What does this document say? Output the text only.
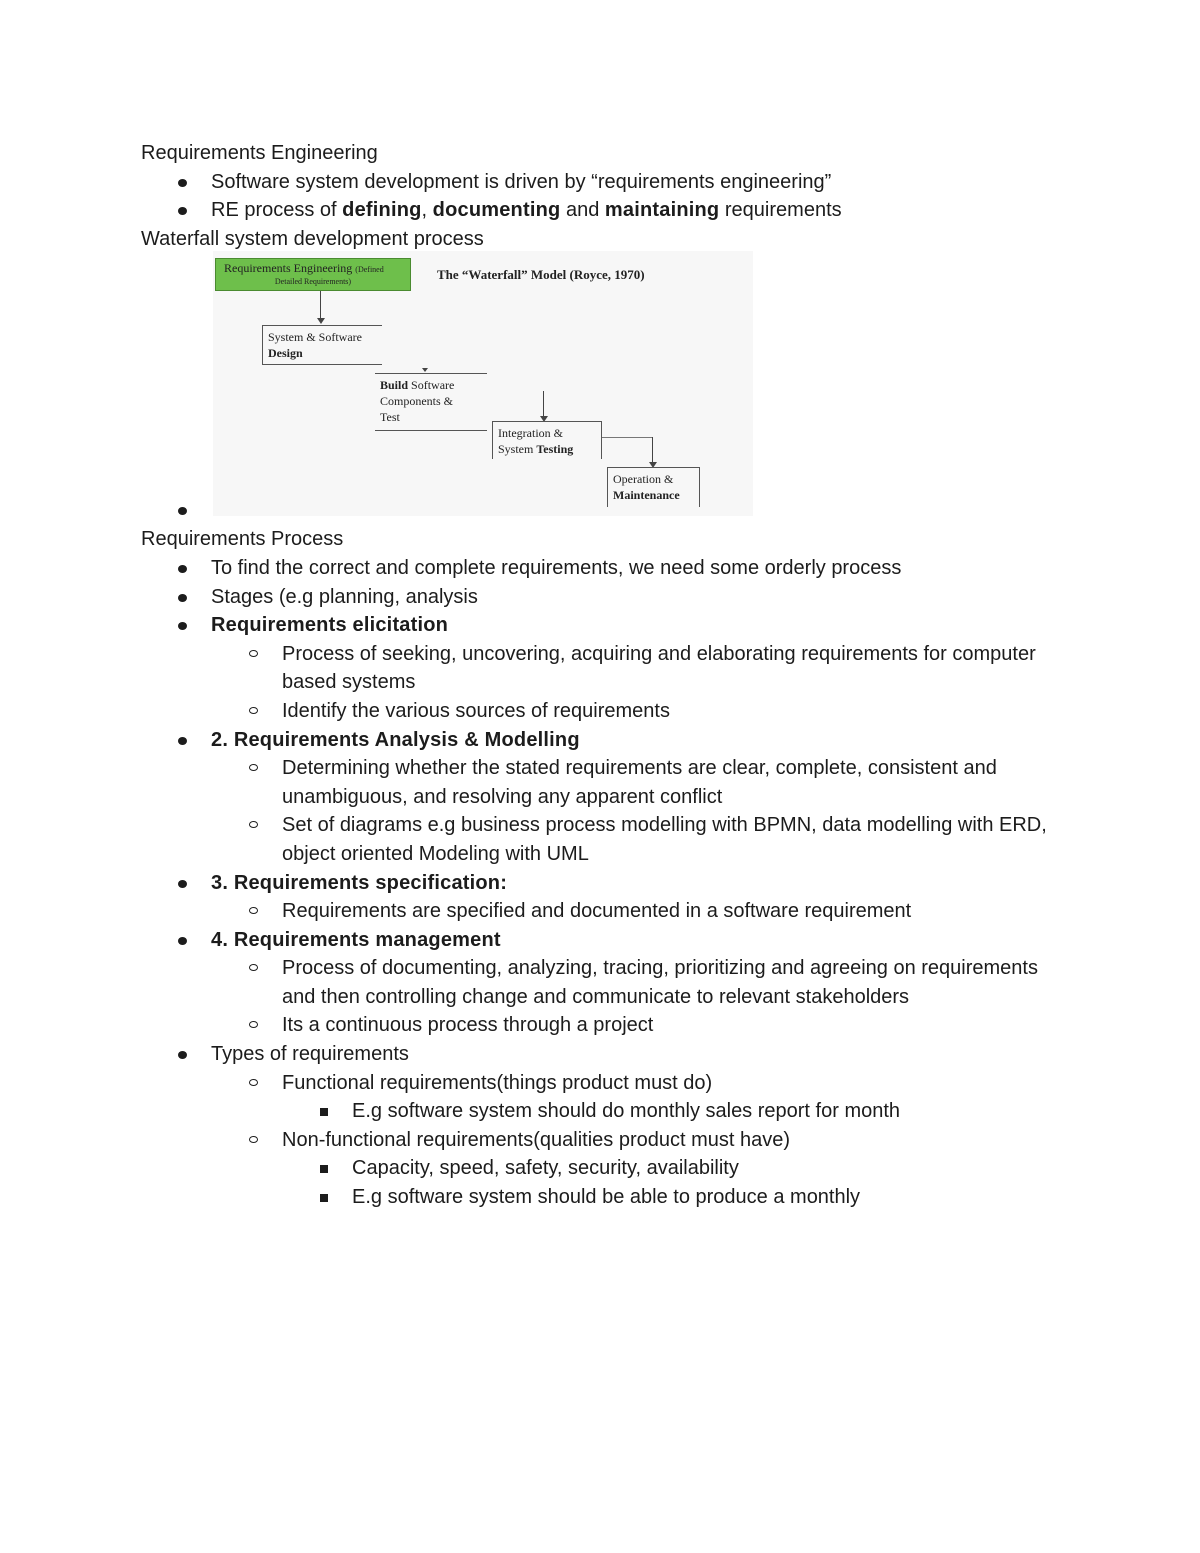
Requirements Engineering
Software system development is driven by “requirements engineering”
RE process of defining, documenting and maintaining requirements
Waterfall system development process
Requirements Engineering (Defined
Detailed Requirements)	The “Waterfall” Model (Royce, 1970)
System & Software
Design
Build Software
Components &
Test
Integration &
System Testing
Operation &
Maintenance
Requirements Process
To find the correct and complete requirements, we need some orderly process
Stages (e.g planning, analysis
Requirements elicitation
Process of seeking, uncovering, acquiring and elaborating requirements for computer based systems
Identify the various sources of requirements
2. Requirements Analysis & Modelling
Determining whether the stated requirements are clear, complete, consistent and unambiguous, and resolving any apparent conflict
Set of diagrams e.g business process modelling with BPMN, data modelling with ERD, object oriented Modeling with UML
3. Requirements specification:
Requirements are specified and documented in a software requirement
4. Requirements management
Process of documenting, analyzing, tracing, prioritizing and agreeing on requirements and then controlling change and communicate to relevant stakeholders
Its a continuous process through a project
Types of requirements
Functional requirements(things product must do)
E.g software system should do monthly sales report for month
Non-functional requirements(qualities product must have)
Capacity, speed, safety, security, availability
E.g software system should be able to produce a monthly
